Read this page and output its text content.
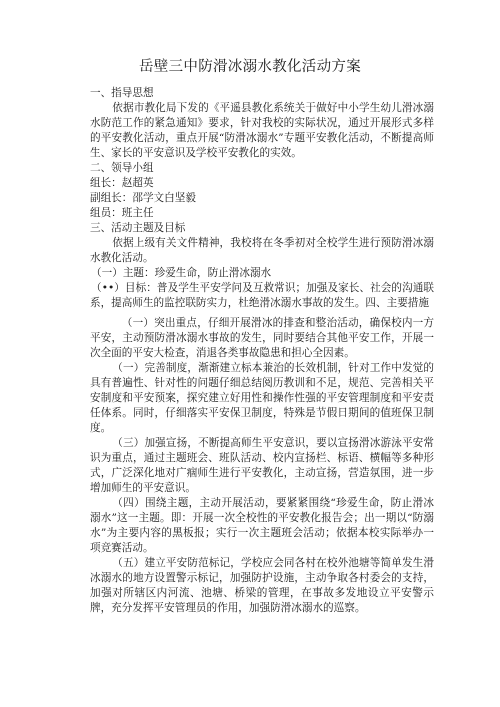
岳壁三中防滑冰溺水教化活动方案

一、指导思想

依据市教化局下发的《平遥县教化系统关于做好中小学生幼儿滑冰溺水防范工作的紧急通知》要求，针对我校的实际状况，通过开展形式多样的平安教化活动，重点开展“防滑冰溺水”专题平安教化活动，不断提高师生、家长的平安意识及学校平安教化的实效。

二、领导小组

组长：赵超英

副组长：邵学文白坚毅

组员：班主任

三、活动主题及目标

依据上级有关文件精神，我校将在冬季初对全校学生进行预防滑冰溺水教化活动。

（一）主题：珍爱生命，防止滑冰溺水

（••）目标：普及学生平安学问及互救常识；加强及家长、社会的沟通联系，提高师生的监控联防实力，杜绝滑冰溺水事故的发生。四、主要措施

（一）突出重点，仔细开展滑冰的排查和整治活动，确保校内一方平安，主动预防滑冰溺水事故的发生，同时要结合其他平安工作，开展一次全面的平安大检查，消退各类事故隐患和担心全因素。

（一）完善制度，渐渐建立标本兼治的长效机制，针对工作中发觉的具有普遍性、针对性的问题仔细总结阅历教训和不足，规范、完善相关平安制度和平安预案，探究建立好用性和操作性强的平安管理制度和平安责任体系。同时，仔细落实平安保卫制度，特殊是节假日期间的值班保卫制度。

（三）加强宣扬，不断提高师生平安意识，要以宣扬滑冰游泳平安常识为重点，通过主题班会、班队活动、校内宣扬栏、标语、横幅等多种形式，广泛深化地对广痼师生进行平安教化，主动宣扬，营造氛围，进一步增加师生的平安意识。

（四）围绕主题，主动开展活动，要紧紧围绕“珍爱生命，防止滑冰溺水”这一主题。即：开展一次全校性的平安教化报告会；出一期以“防溺水”为主要内容的黑板报；实行一次主题班会活动；依据本校实际举办一项竞赛活动。

（五）建立平安防范标记，学校应会同各村在校外池塘等简单发生滑冰溺水的地方设置警示标记，加强防护设施，主动争取各村委会的支持，加强对所辖区内河流、池塘、桥梁的管理，在事故多发地设立平安警示牌，充分发挥平安管理员的作用，加强防滑冰溺水的巡察。
